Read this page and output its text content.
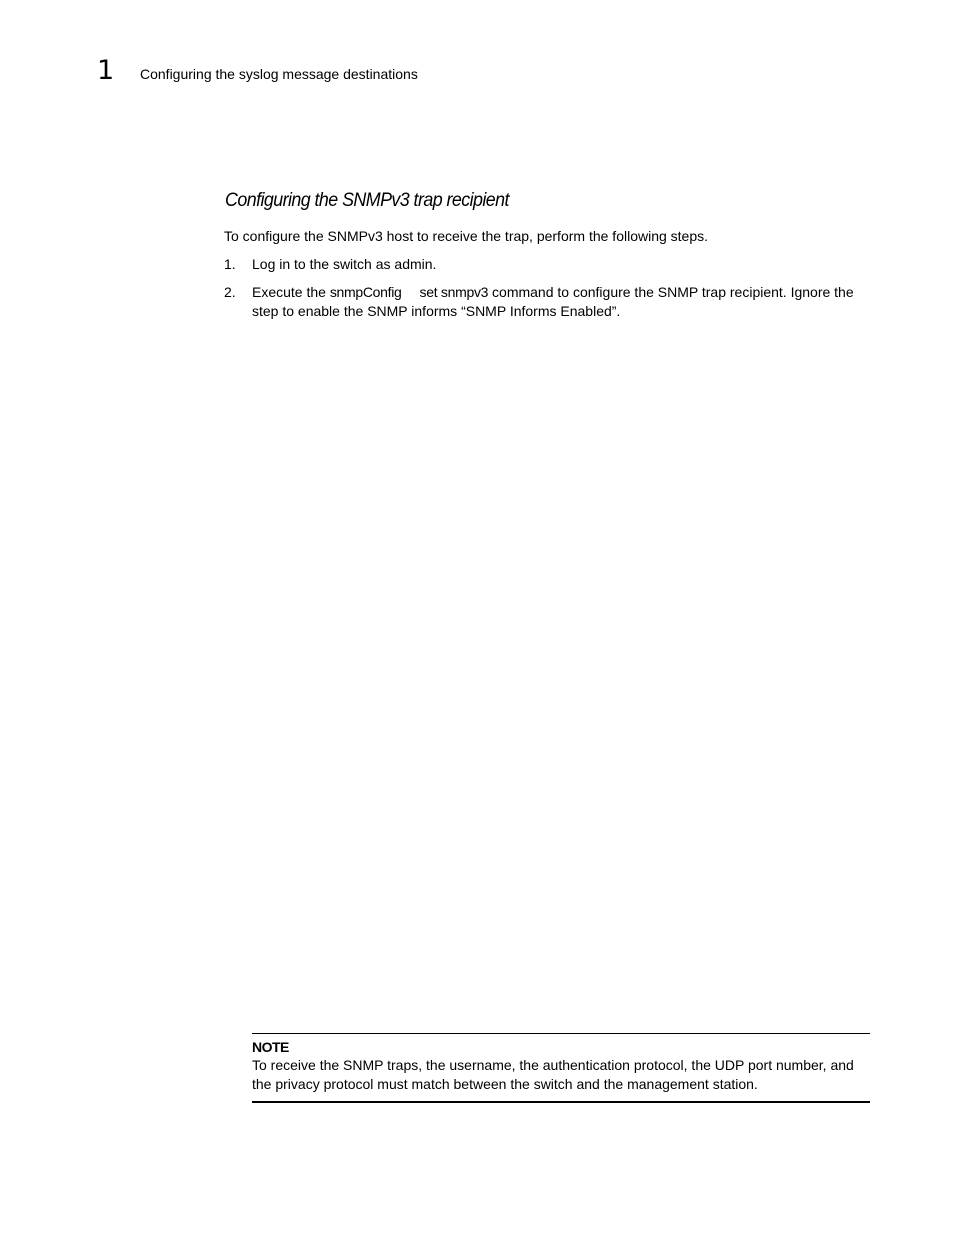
1 Configuring the syslog message destinations
Configuring the SNMPv3 trap recipient
To configure the SNMPv3 host to receive the trap, perform the following steps.
1. Log in to the switch as admin.
2. Execute the snmpConfig set snmpv3 command to configure the SNMP trap recipient. Ignore the step to enable the SNMP informs “SNMP Informs Enabled”.
NOTE
To receive the SNMP traps, the username, the authentication protocol, the UDP port number, and the privacy protocol must match between the switch and the management station.
